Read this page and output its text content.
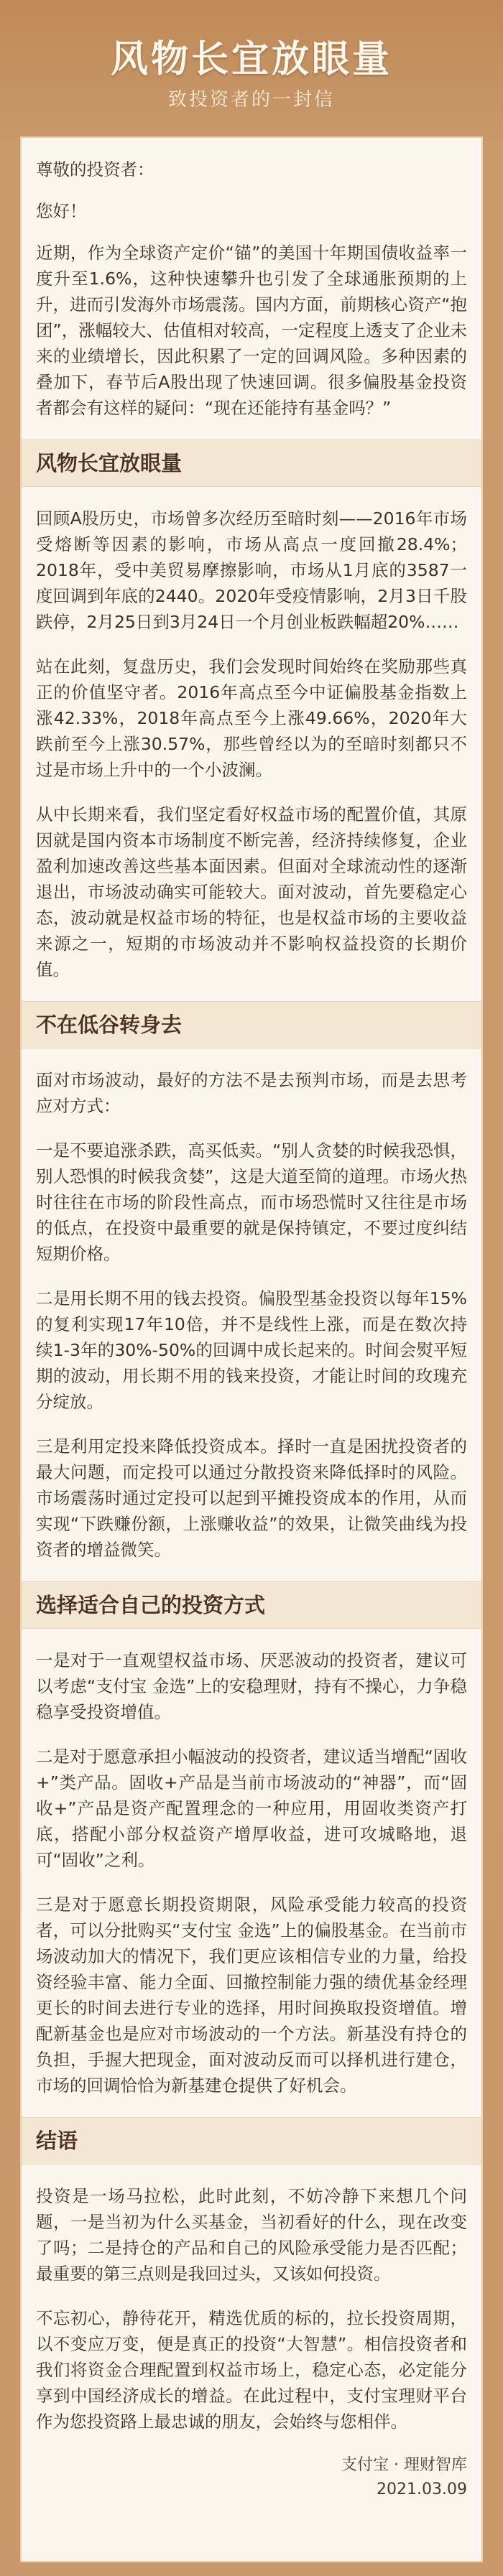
风物长宜放眼量
致投资者的一封信

尊敬的投资者：

您好！

近期，作为全球资产定价“锚”的美国十年期国债收益率一度升至1.6%，这种快速攀升也引发了全球通胀预期的上升，进而引发海外市场震荡。国内方面，前期核心资产“抱团”，涨幅较大、估值相对较高，一定程度上透支了企业未来的业绩增长，因此积累了一定的回调风险。多种因素的叠加下，春节后A股出现了快速回调。很多偏股基金投资者都会有这样的疑问：“现在还能持有基金吗？”

风物长宜放眼量

回顾A股历史，市场曾多次经历至暗时刻——2016年市场受熔断等因素的影响，市场从高点一度回撤28.4%；2018年，受中美贸易摩擦影响，市场从1月底的3587一度回调到年底的2440。2020年受疫情影响，2月3日千股跌停，2月25日到3月24日一个月创业板跌幅超20%……

站在此刻，复盘历史，我们会发现时间始终在奖励那些真正的价值坚守者。2016年高点至今中证偏股基金指数上涨42.33%，2018年高点至今上涨49.66%，2020年大跌前至今上涨30.57%，那些曾经以为的至暗时刻都只不过是市场上升中的一个小波澜。

从中长期来看，我们坚定看好权益市场的配置价值，其原因就是国内资本市场制度不断完善，经济持续修复，企业盈利加速改善这些基本面因素。但面对全球流动性的逐渐退出，市场波动确实可能较大。面对波动，首先要稳定心态，波动就是权益市场的特征，也是权益市场的主要收益来源之一，短期的市场波动并不影响权益投资的长期价值。

不在低谷转身去

面对市场波动，最好的方法不是去预判市场，而是去思考应对方式：

一是不要追涨杀跌，高买低卖。“别人贪婪的时候我恐惧，别人恐惧的时候我贪婪”，这是大道至简的道理。市场火热时往往在市场的阶段性高点，而市场恐慌时又往往是市场的低点，在投资中最重要的就是保持镇定，不要过度纠结短期价格。

二是用长期不用的钱去投资。偏股型基金投资以每年15%的复利实现17年10倍，并不是线性上涨，而是在数次持续1-3年的30%-50%的回调中成长起来的。时间会熨平短期的波动，用长期不用的钱来投资，才能让时间的玫瑰充分绽放。

三是利用定投来降低投资成本。择时一直是困扰投资者的最大问题，而定投可以通过分散投资来降低择时的风险。市场震荡时通过定投可以起到平摊投资成本的作用，从而实现“下跌赚份额，上涨赚收益”的效果，让微笑曲线为投资者的增益微笑。

选择适合自己的投资方式

一是对于一直观望权益市场、厌恶波动的投资者，建议可以考虑“支付宝 金选”上的安稳理财，持有不操心，力争稳稳享受投资增值。

二是对于愿意承担小幅波动的投资者，建议适当增配“固收+”类产品。固收+产品是当前市场波动的“神器”，而“固收+”产品是资产配置理念的一种应用，用固收类资产打底，搭配小部分权益资产增厚收益，进可攻城略地，退可“固收”之利。

三是对于愿意长期投资期限，风险承受能力较高的投资者，可以分批购买“支付宝 金选”上的偏股基金。在当前市场波动加大的情况下，我们更应该相信专业的力量，给投资经验丰富、能力全面、回撤控制能力强的绩优基金经理更长的时间去进行专业的选择，用时间换取投资增值。增配新基金也是应对市场波动的一个方法。新基没有持仓的负担，手握大把现金，面对波动反而可以择机进行建仓，市场的回调恰恰为新基建仓提供了好机会。

结语

投资是一场马拉松，此时此刻，不妨冷静下来想几个问题，一是当初为什么买基金，当初看好的什么，现在改变了吗；二是持仓的产品和自己的风险承受能力是否匹配；最重要的第三点则是我回过头，又该如何投资。

不忘初心，静待花开，精选优质的标的，拉长投资周期，以不变应万变，便是真正的投资“大智慧”。相信投资者和我们将资金合理配置到权益市场上，稳定心态，必定能分享到中国经济成长的增益。在此过程中，支付宝理财平台作为您投资路上最忠诚的朋友，会始终与您相伴。

支付宝 · 理财智库
2021.03.09
